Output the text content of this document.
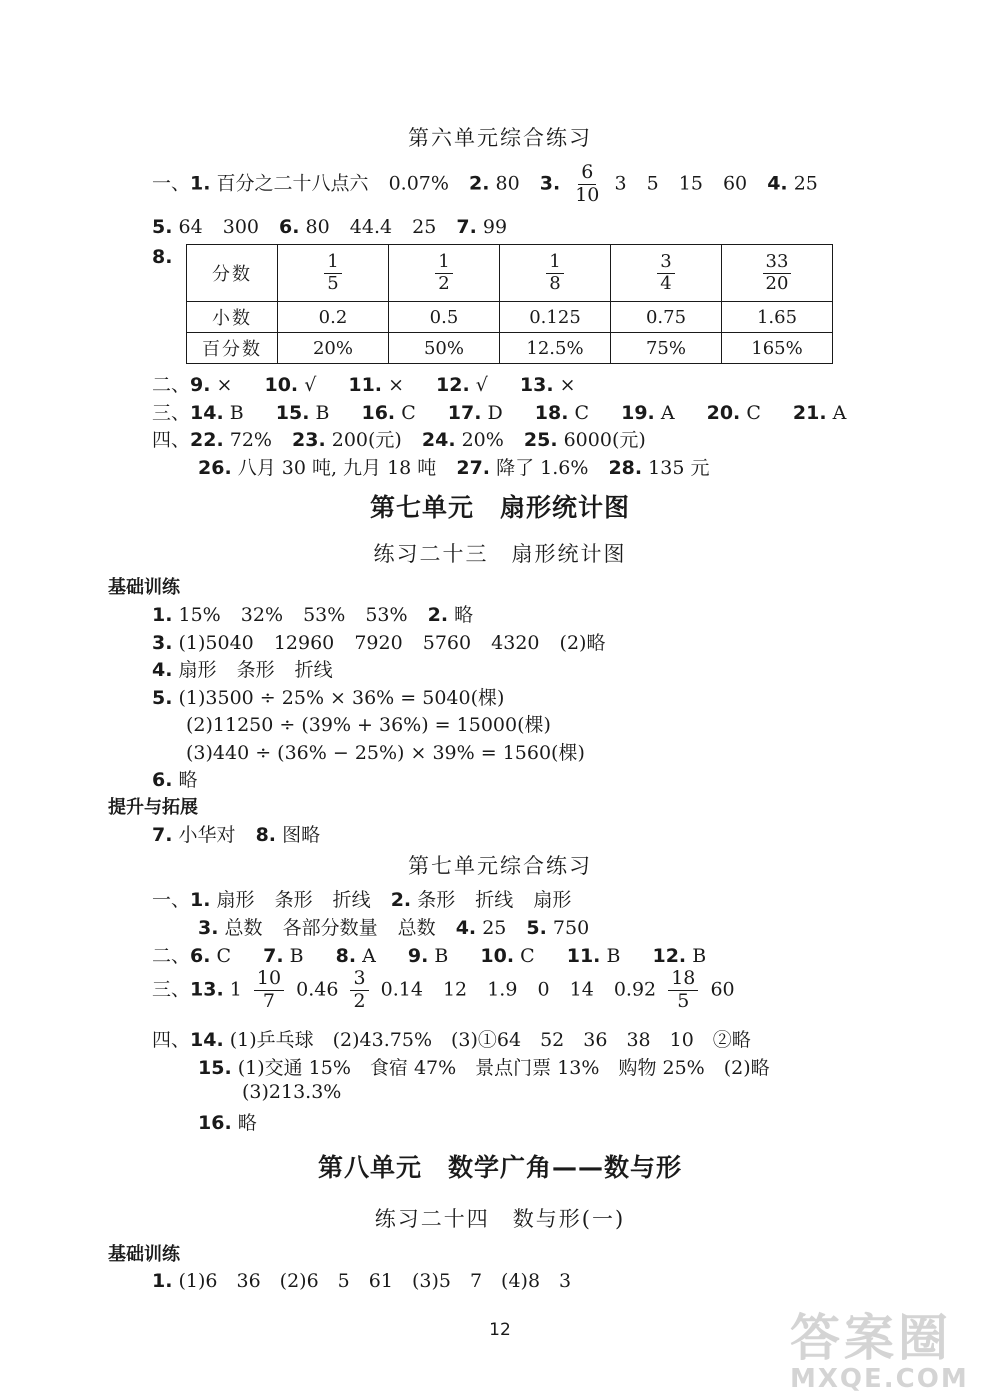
第六单元综合练习
一、1. 百分之二十八点六 0.07% 2. 80 3. $\frac{6}{10} 3$ 5 15 60 4. 25
5. 64 300 6. 80 44.4 25 7. 99
8.
分数	$\frac{1}{5}$	$\frac{1}{2}$	$\frac{1}{8}$	$\frac{3}{4}$	$\frac{33}{20}$

小数	0.2	0.5	0.125	0.75	1.65
百分数	20%	50%	12.5%	75%	165%
二、9. × 10. √ 11. × 12. √ 13. ×
三、14. B 15. B 16. C 17. D 18. C 19. A 20. C 21. A
四、22. 72% 23. 200(元) 24. 20% 25. 6000(元)
26. 八月 30 吨, 九月 18 吨 27. 降了 1.6% 28. 135 元
第七单元　扇形统计图
练习二十三　扇形统计图
基础训练
1. 15% 32% 53% 53% 2. 略
3. (1)5040 12960 7920 5760 4320 (2)略
4. 扇形 条形 折线
5. (1)3500 ÷ 25% × 36% = 5040(棵)
(2)11250 ÷ (39% + 36%) = 15000(棵)
(3)440 ÷ (36% − 25%) × 39% = 1560(棵)
6. 略
提升与拓展
7. 小华对 8. 图略
第七单元综合练习
一、1. 扇形 条形 折线 2. 条形 折线 扇形
3. 总数 各部分数量 总数 4. 25 5. 750
二、6. C 7. B 8. A 9. B 10. C 11. B 12. B
三、13. $1 \frac{10}{7} 0.46 \frac{3}{2} 0.14$ 12 1.9 0 14 $0.92 \frac{18}{5} 60$
四、14. (1)乒乓球　(2)43.75%　(3)①64　52　36　38　10　②略
15. (1)交通 15%　食宿 47%　景点门票 13%　购物 25%　(2)略
(3)213.3%
16. 略
第八单元　数学广角——数与形
练习二十四　数与形(一)
基础训练
1. (1)6　36　(2)6　5　61　(3)5　7　(4)8　3
12	答案圈
MXQE.COM
